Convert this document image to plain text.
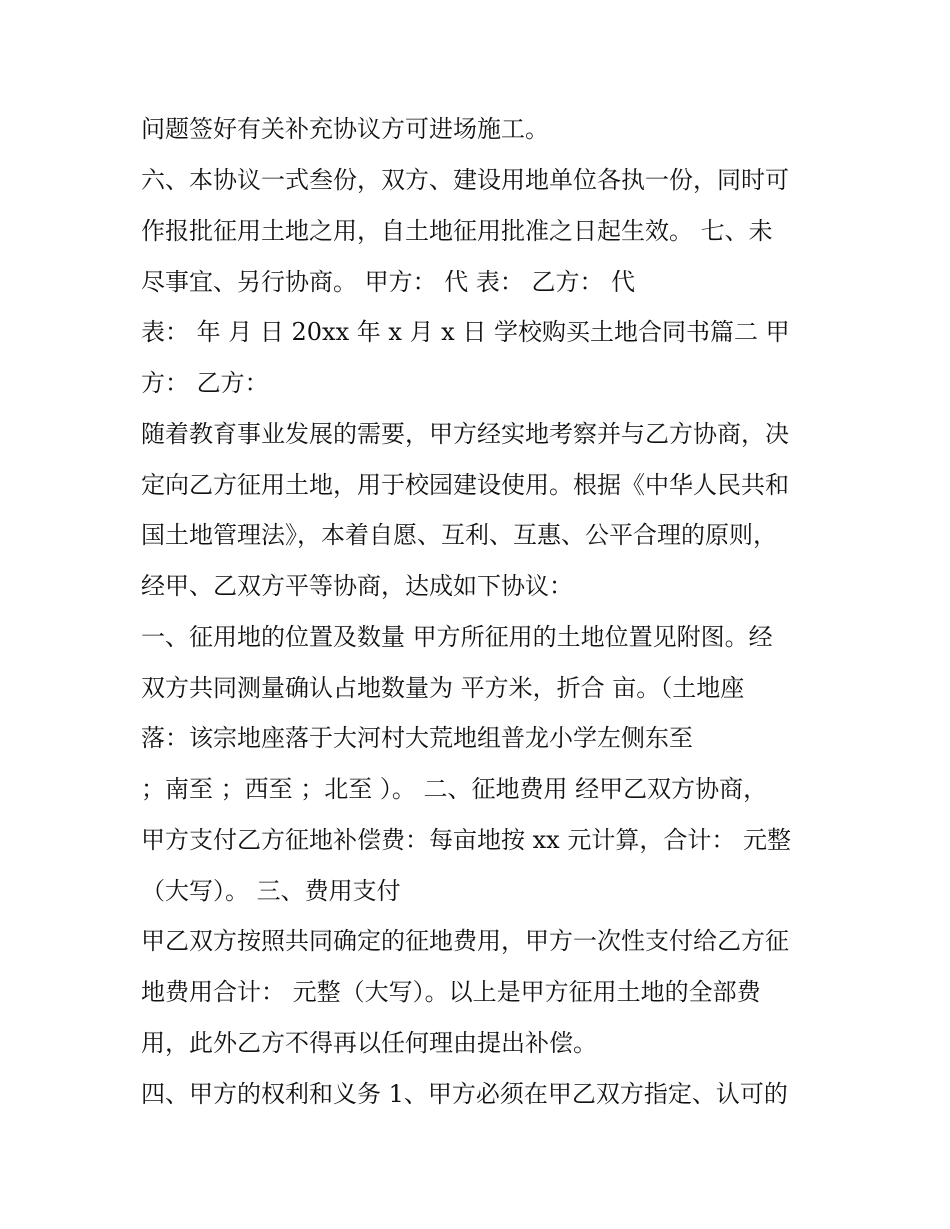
问题签好有关补充协议方可进场施工。

六、本协议一式叁份，双方、建设用地单位各执一份，同时可

作报批征用土地之用，自土地征用批准之日起生效。 七、未

尽事宜、另行协商。 甲方： 代 表： 乙方： 代

表： 年 月 日 20xx 年 x 月 x 日 学校购买土地合同书篇二 甲

方： 乙方：

随着教育事业发展的需要，甲方经实地考察并与乙方协商，决

定向乙方征用土地，用于校园建设使用。根据《中华人民共和

国土地管理法》，本着自愿、互利、互惠、公平合理的原则，

经甲、乙双方平等协商，达成如下协议：

一、征用地的位置及数量 甲方所征用的土地位置见附图。经

双方共同测量确认占地数量为 平方米，折合 亩。（土地座

落：该宗地座落于大河村大荒地组普龙小学左侧东至

；南至 ；西至 ；北至 ）。 二、征地费用 经甲乙双方协商，

甲方支付乙方征地补偿费：每亩地按 xx 元计算，合计： 元整

（大写）。 三、费用支付

甲乙双方按照共同确定的征地费用，甲方一次性支付给乙方征

地费用合计： 元整（大写）。以上是甲方征用土地的全部费

用，此外乙方不得再以任何理由提出补偿。

四、甲方的权利和义务 1、甲方必须在甲乙双方指定、认可的
